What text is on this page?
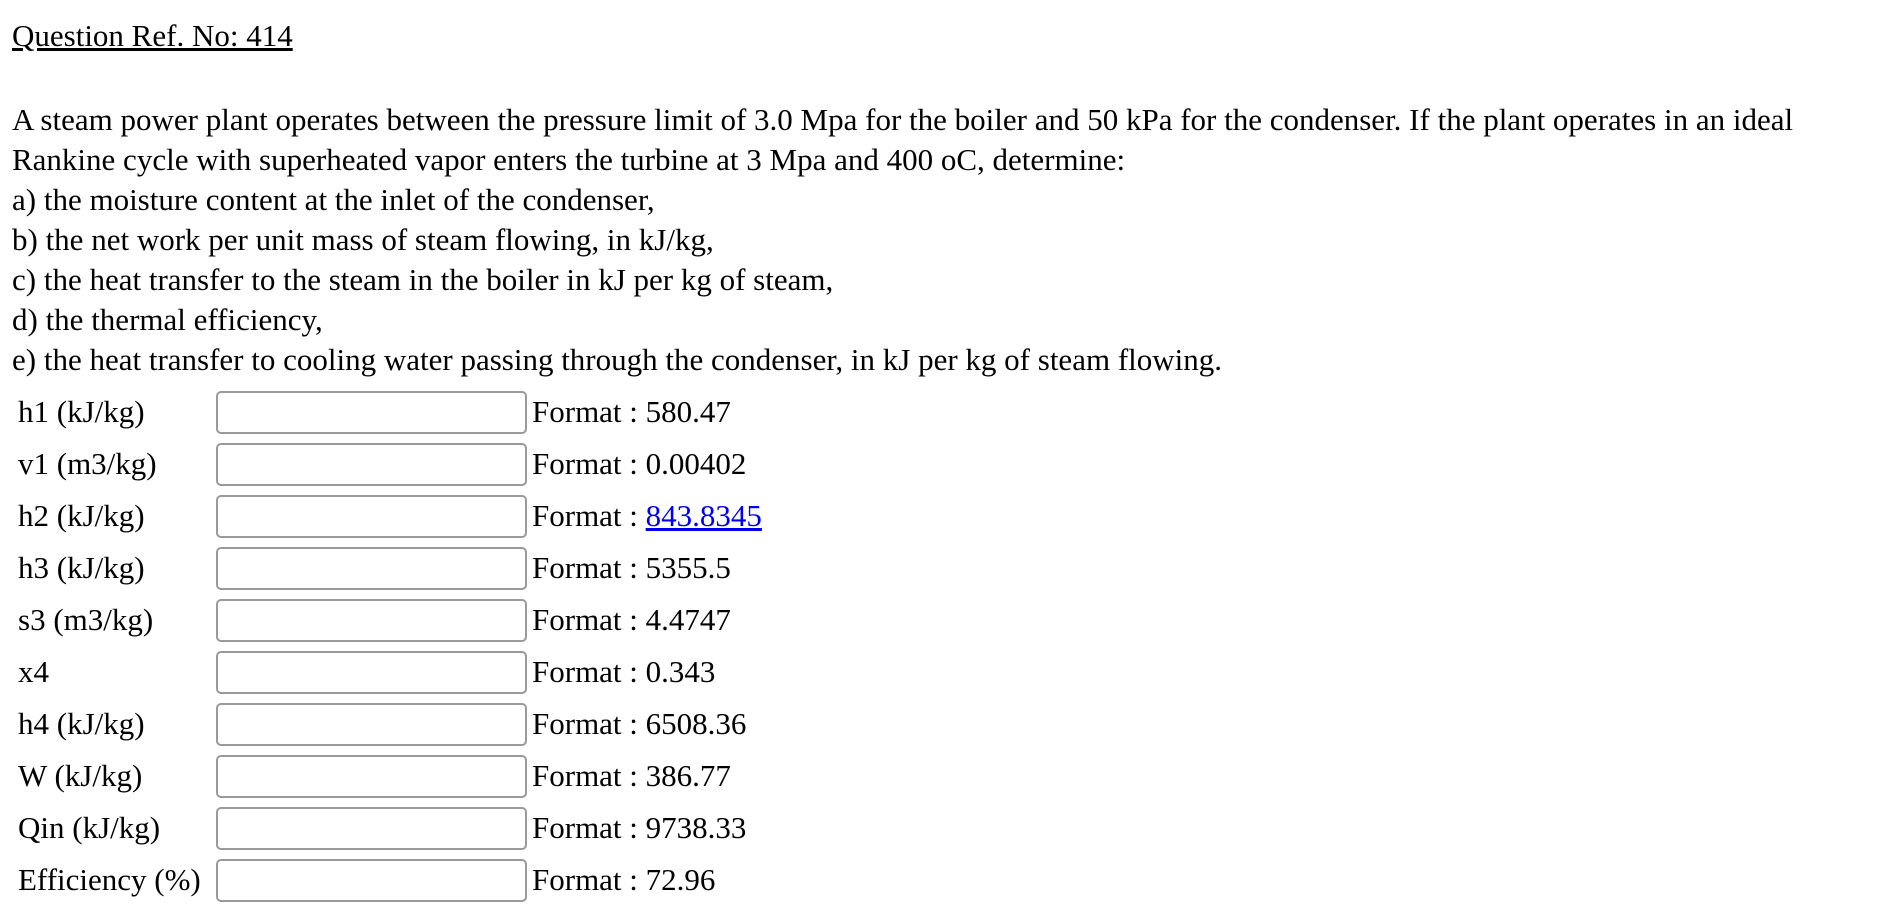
Question Ref. No: 414

A steam power plant operates between the pressure limit of 3.0 Mpa for the boiler and 50 kPa for the condenser. If the plant operates in an ideal

Rankine cycle with superheated vapor enters the turbine at 3 Mpa and 400 oC, determine:

a) the moisture content at the inlet of the condenser,

b) the net work per unit mass of steam flowing, in kJ/kg,

c) the heat transfer to the steam in the boiler in kJ per kg of steam,

d) the thermal efficiency,

e) the heat transfer to cooling water passing through the condenser, in kJ per kg of steam flowing.

h1 (kJ/kg)		Format : 580.47
v1 (m3/kg)		Format : 0.00402
h2 (kJ/kg)		Format : 843.8345
h3 (kJ/kg)		Format : 5355.5
s3 (m3/kg)		Format : 4.4747
x4		Format : 0.343
h4 (kJ/kg)		Format : 6508.36
W (kJ/kg)		Format : 386.77
Qin (kJ/kg)		Format : 9738.33
Efficiency (%)		Format : 72.96
